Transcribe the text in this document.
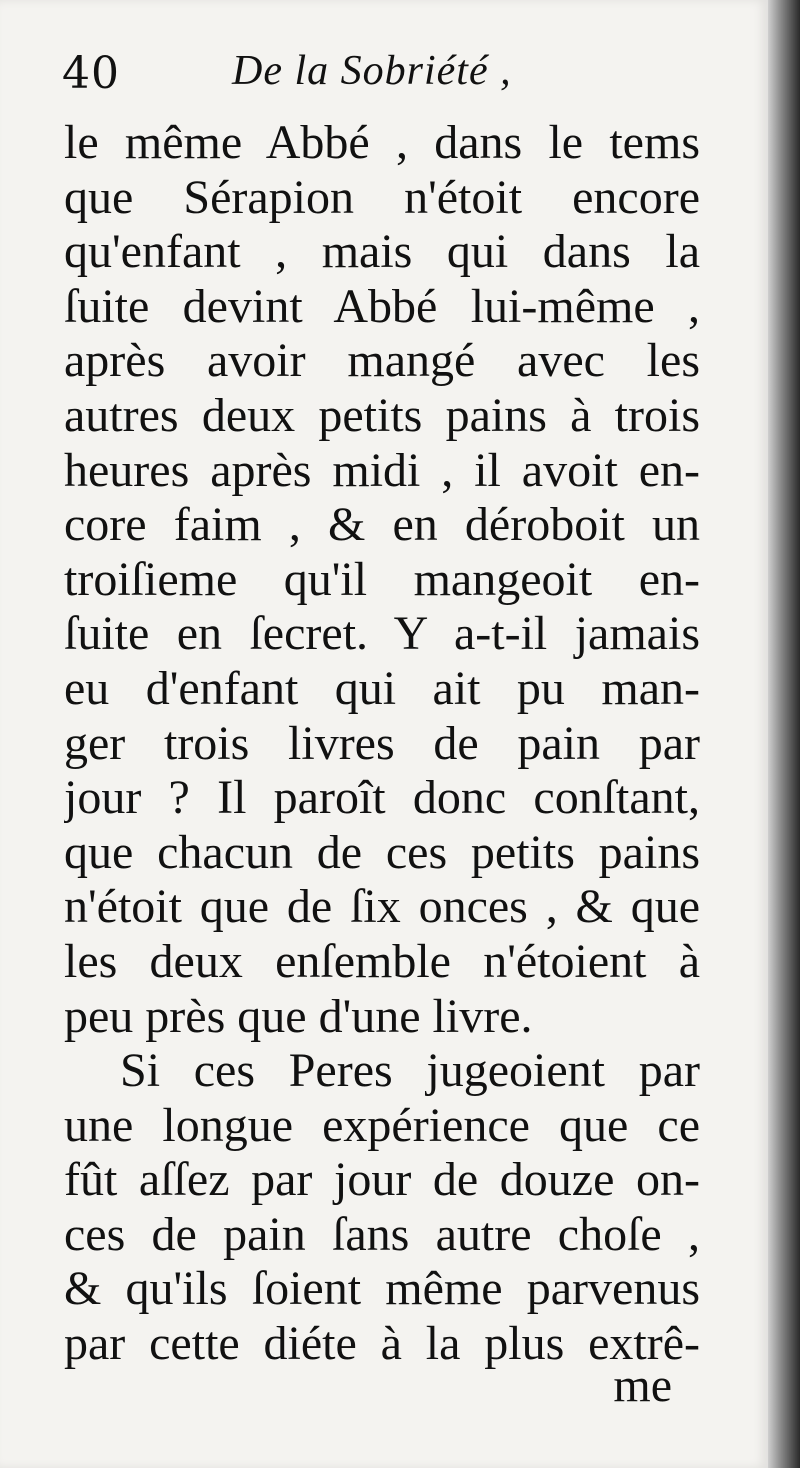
40	De la Sobriété ,
le même Abbé , dans le tems
que Sérapion n'étoit encore
qu'enfant , mais qui dans la
ſuite devint Abbé lui-même ,
après avoir mangé avec les
autres deux petits pains à trois
heures après midi , il avoit en-
core faim , & en déroboit un
troiſieme qu'il mangeoit en-
ſuite en ſecret. Y a-t-il jamais
eu d'enfant qui ait pu man-
ger trois livres de pain par
jour ? Il paroît donc conſtant,
que chacun de ces petits pains
n'étoit que de ſix onces , & que
les deux enſemble n'étoient à
peu près que d'une livre.
Si ces Peres jugeoient par
une longue expérience que ce
fût aſſez par jour de douze on-
ces de pain ſans autre choſe ,
& qu'ils ſoient même parvenus
par cette diéte à la plus extrê-
me
